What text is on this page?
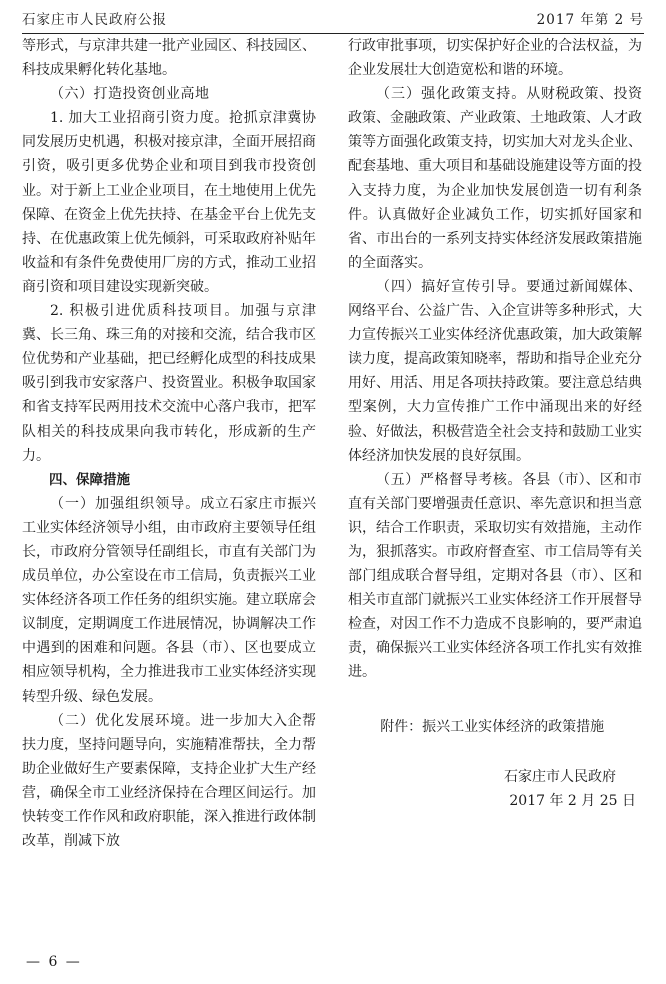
石家庄市人民政府公报	2017 年第 2 号

等形式，与京津共建一批产业园区、科技园区、科技成果孵化转化基地。

（六）打造投资创业高地

1. 加大工业招商引资力度。抢抓京津冀协同发展历史机遇，积极对接京津，全面开展招商引资，吸引更多优势企业和项目到我市投资创业。对于新上工业企业项目，在土地使用上优先保障、在资金上优先扶持、在基金平台上优先支持、在优惠政策上优先倾斜，可采取政府补贴年收益和有条件免费使用厂房的方式，推动工业招商引资和项目建设实现新突破。

2. 积极引进优质科技项目。加强与京津冀、长三角、珠三角的对接和交流，结合我市区位优势和产业基础，把已经孵化成型的科技成果吸引到我市安家落户、投资置业。积极争取国家和省支持军民两用技术交流中心落户我市，把军队相关的科技成果向我市转化，形成新的生产力。

四、保障措施

（一）加强组织领导。成立石家庄市振兴工业实体经济领导小组，由市政府主要领导任组长，市政府分管领导任副组长，市直有关部门为成员单位，办公室设在市工信局，负责振兴工业实体经济各项工作任务的组织实施。建立联席会议制度，定期调度工作进展情况，协调解决工作中遇到的困难和问题。各县（市）、区也要成立相应领导机构，全力推进我市工业实体经济实现转型升级、绿色发展。

（二）优化发展环境。进一步加大入企帮扶力度，坚持问题导向，实施精准帮扶，全力帮助企业做好生产要素保障，支持企业扩大生产经营，确保全市工业经济保持在合理区间运行。加快转变工作作风和政府职能，深入推进行政体制改革，削减下放

行政审批事项，切实保护好企业的合法权益，为企业发展壮大创造宽松和谐的环境。

（三）强化政策支持。从财税政策、投资政策、金融政策、产业政策、土地政策、人才政策等方面强化政策支持，切实加大对龙头企业、配套基地、重大项目和基础设施建设等方面的投入支持力度，为企业加快发展创造一切有利条件。认真做好企业减负工作，切实抓好国家和省、市出台的一系列支持实体经济发展政策措施的全面落实。

（四）搞好宣传引导。要通过新闻媒体、网络平台、公益广告、入企宣讲等多种形式，大力宣传振兴工业实体经济优惠政策，加大政策解读力度，提高政策知晓率，帮助和指导企业充分用好、用活、用足各项扶持政策。要注意总结典型案例，大力宣传推广工作中涌现出来的好经验、好做法，积极营造全社会支持和鼓励工业实体经济加快发展的良好氛围。

（五）严格督导考核。各县（市）、区和市直有关部门要增强责任意识、率先意识和担当意识，结合工作职责，采取切实有效措施，主动作为，狠抓落实。市政府督查室、市工信局等有关部门组成联合督导组，定期对各县（市）、区和相关市直部门就振兴工业实体经济工作开展督导检查，对因工作不力造成不良影响的，要严肃追责，确保振兴工业实体经济各项工作扎实有效推进。

附件：振兴工业实体经济的政策措施

石家庄市人民政府

2017 年 2 月 25 日

— 6 —
